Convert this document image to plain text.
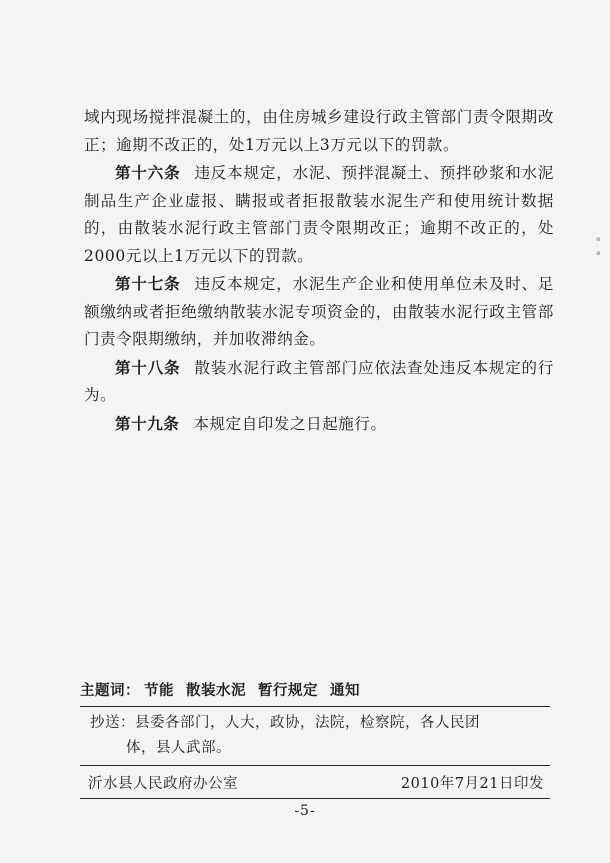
域内现场搅拌混凝土的，由住房城乡建设行政主管部门责令限期改正；逾期不改正的，处1万元以上3万元以下的罚款。

第十六条 违反本规定，水泥、预拌混凝土、预拌砂浆和水泥制品生产企业虚报、瞒报或者拒报散装水泥生产和使用统计数据的，由散装水泥行政主管部门责令限期改正；逾期不改正的，处2000元以上1万元以下的罚款。

第十七条 违反本规定，水泥生产企业和使用单位未及时、足额缴纳或者拒绝缴纳散装水泥专项资金的，由散装水泥行政主管部门责令限期缴纳，并加收滞纳金。

第十八条 散装水泥行政主管部门应依法查处违反本规定的行为。

第十九条 本规定自印发之日起施行。

▪
·
▪
主题词： 节能 散装水泥 暂行规定 通知
抄送：县委各部门，人大，政协，法院，检察院，各人民团
体，县人武部。
沂水县人民政府办公室	2010年7月21日印发
-5-
